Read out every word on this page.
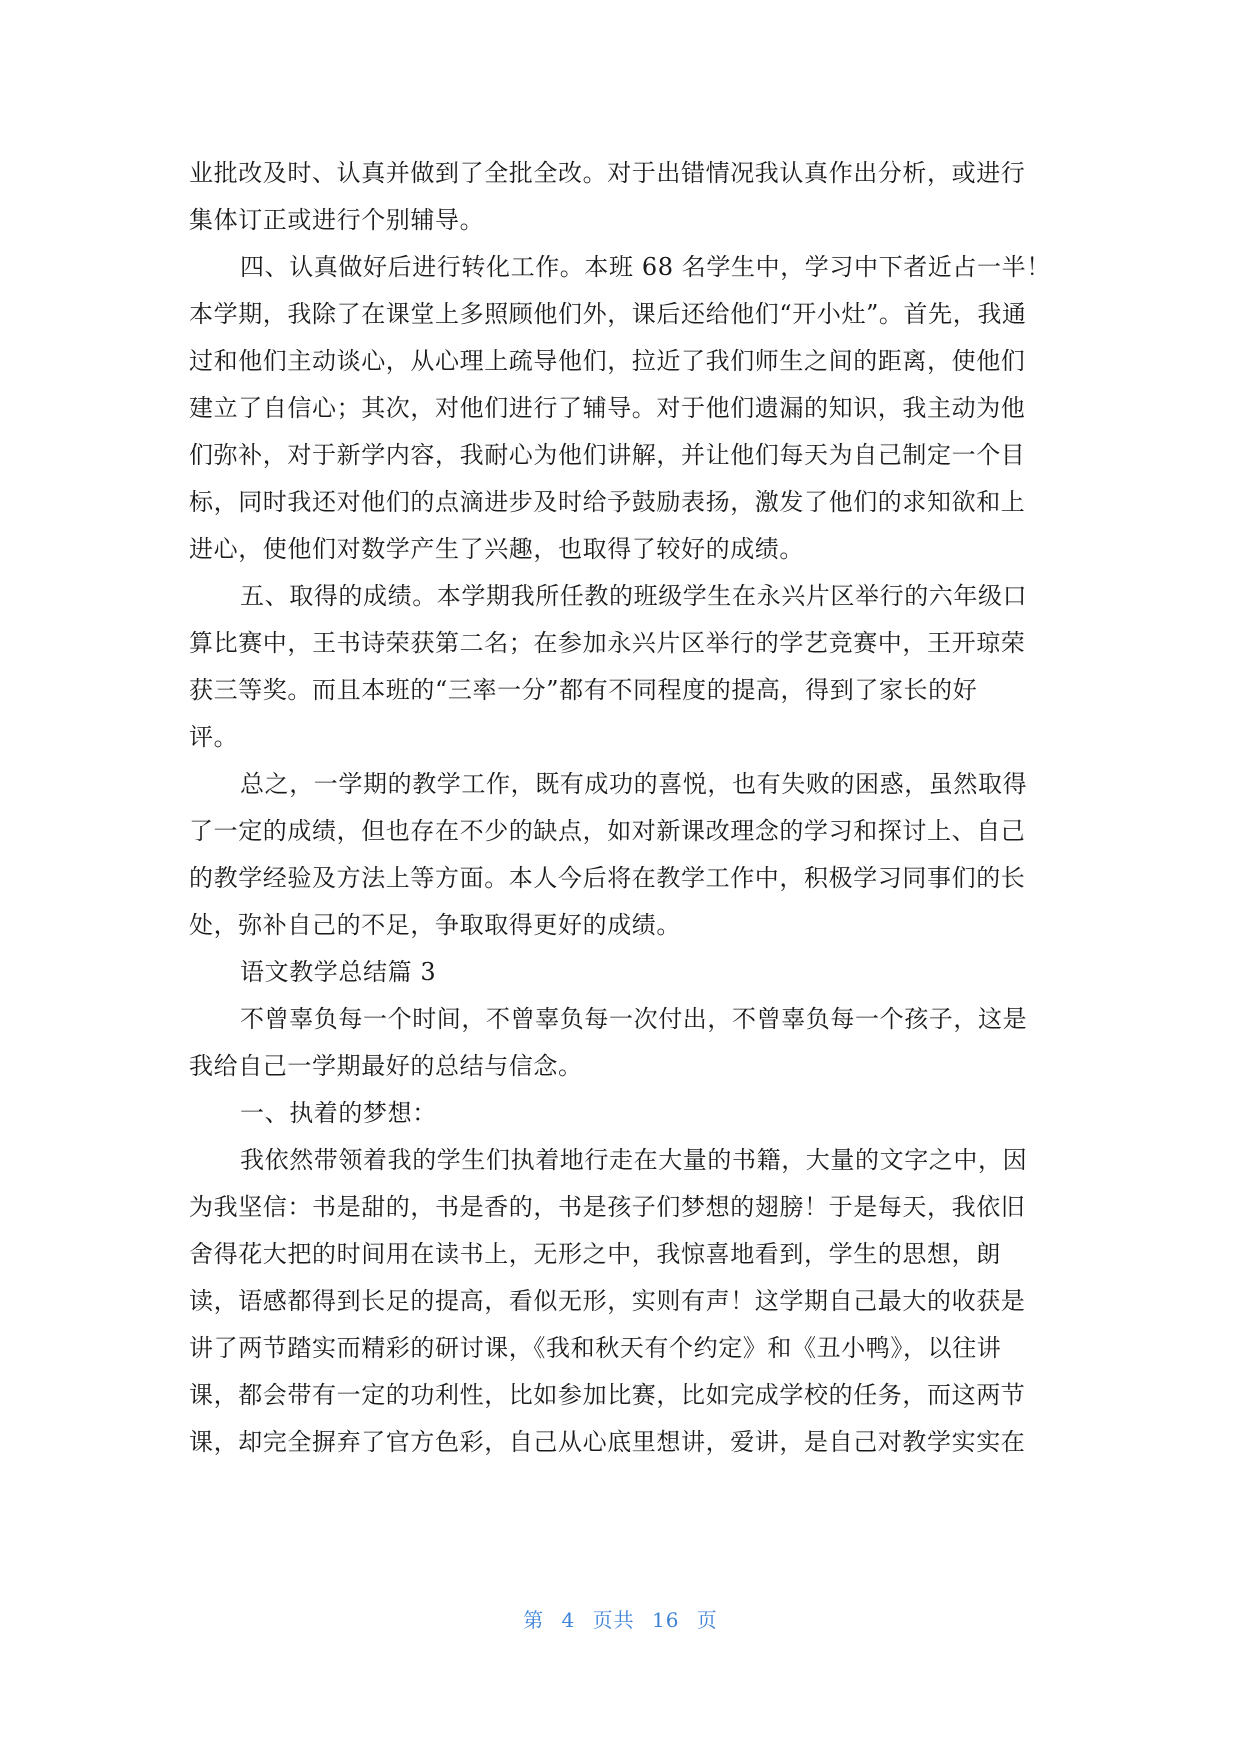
业批改及时、认真并做到了全批全改。对于出错情况我认真作出分析，或进行
集体订正或进行个别辅导。
四、认真做好后进行转化工作。本班 68 名学生中，学习中下者近占一半！
本学期，我除了在课堂上多照顾他们外，课后还给他们“开小灶”。首先，我通
过和他们主动谈心，从心理上疏导他们，拉近了我们师生之间的距离，使他们
建立了自信心；其次，对他们进行了辅导。对于他们遗漏的知识，我主动为他
们弥补，对于新学内容，我耐心为他们讲解，并让他们每天为自己制定一个目
标，同时我还对他们的点滴进步及时给予鼓励表扬，激发了他们的求知欲和上
进心，使他们对数学产生了兴趣，也取得了较好的成绩。
五、取得的成绩。本学期我所任教的班级学生在永兴片区举行的六年级口
算比赛中，王书诗荣获第二名；在参加永兴片区举行的学艺竞赛中，王开琼荣
获三等奖。而且本班的“三率一分”都有不同程度的提高，得到了家长的好
评。
总之，一学期的教学工作，既有成功的喜悦，也有失败的困惑，虽然取得
了一定的成绩，但也存在不少的缺点，如对新课改理念的学习和探讨上、自己
的教学经验及方法上等方面。本人今后将在教学工作中，积极学习同事们的长
处，弥补自己的不足，争取取得更好的成绩。
语文教学总结篇 3
不曾辜负每一个时间，不曾辜负每一次付出，不曾辜负每一个孩子，这是
我给自己一学期最好的总结与信念。
一、执着的梦想：
我依然带领着我的学生们执着地行走在大量的书籍，大量的文字之中，因
为我坚信：书是甜的，书是香的，书是孩子们梦想的翅膀！于是每天，我依旧
舍得花大把的时间用在读书上，无形之中，我惊喜地看到，学生的思想，朗
读，语感都得到长足的提高，看似无形，实则有声！这学期自己最大的收获是
讲了两节踏实而精彩的研讨课，《我和秋天有个约定》和《丑小鸭》，以往讲
课，都会带有一定的功利性，比如参加比赛，比如完成学校的任务，而这两节
课，却完全摒弃了官方色彩，自己从心底里想讲，爱讲，是自己对教学实实在
第 4 页共 16 页
